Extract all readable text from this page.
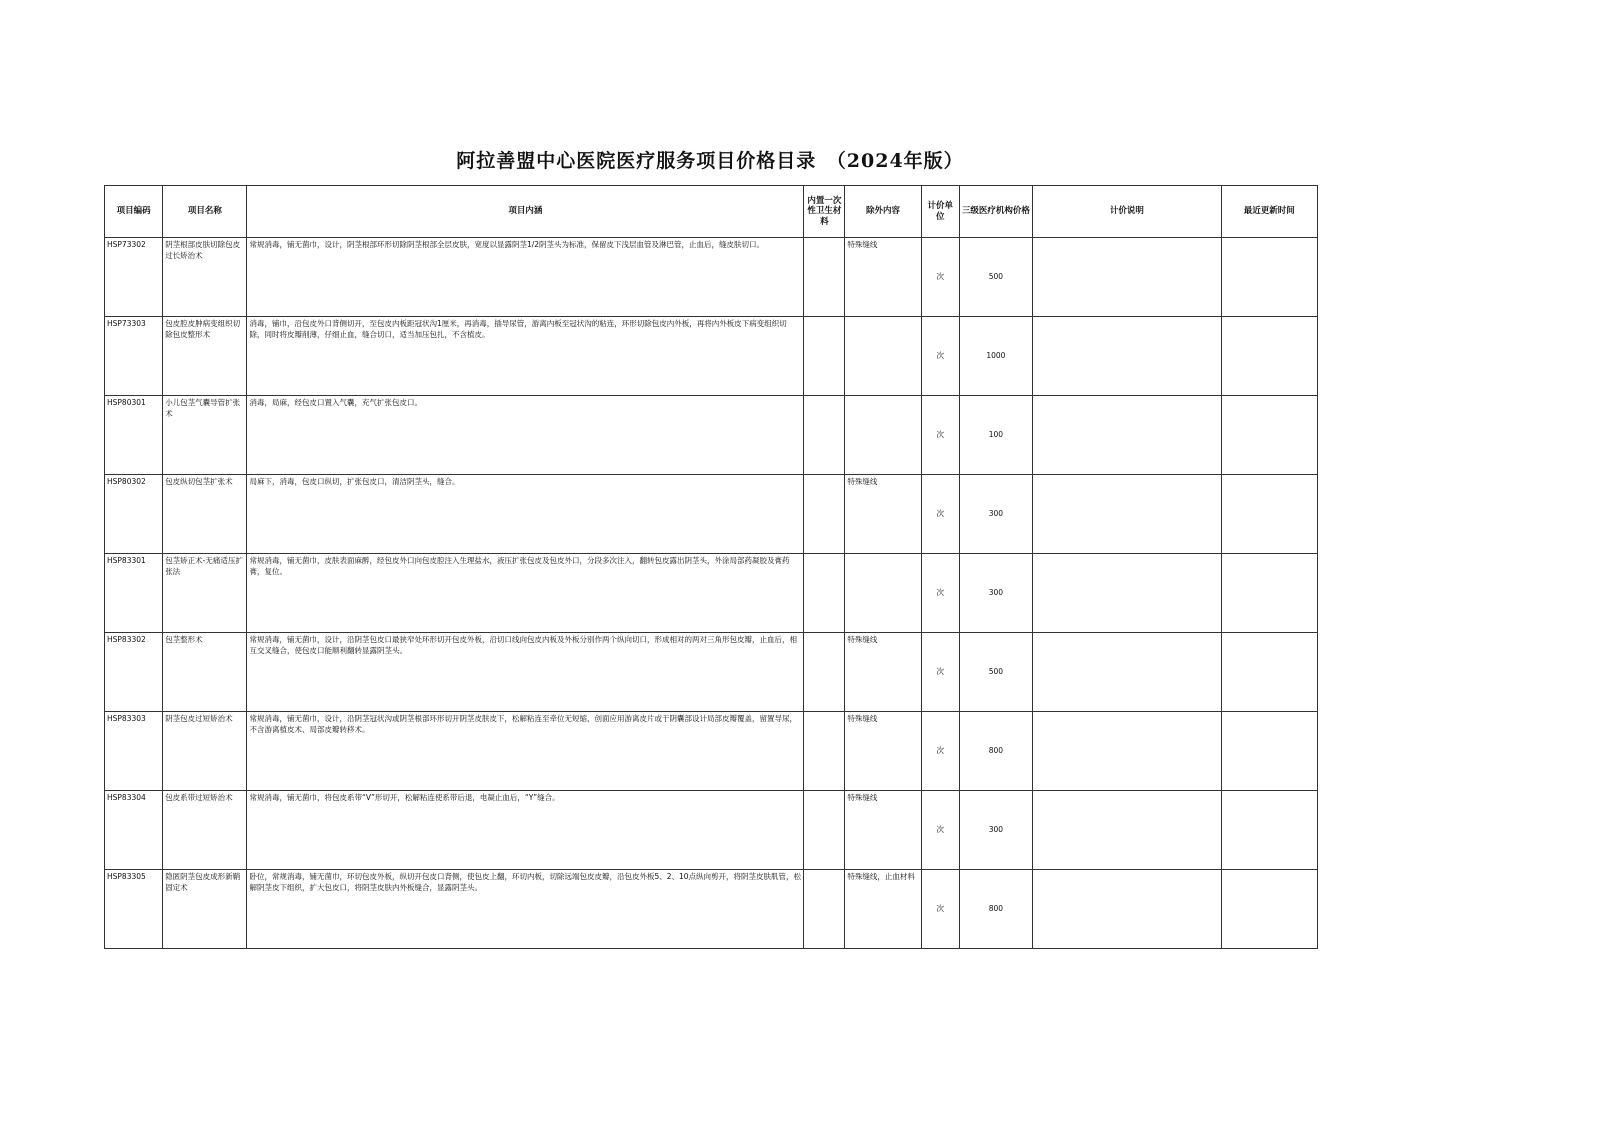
阿拉善盟中心医院医疗服务项目价格目录　（2024年版）
项目编码	项目名称	项目内涵	内置一次性卫生材料	除外内容	计价单位	三级医疗机构价格	计价说明	最近更新时间
HSP73302	阴茎根部皮肤切除包皮过长矫治术	常规消毒，铺无菌巾，设计，阴茎根部环形切除阴茎根部全层皮肤，宽度以显露阴茎1/2阴茎头为标准，保留皮下浅层血管及淋巴管，止血后，缝皮肤切口。		特殊缝线	次	500		
HSP73303	包皮腔皮肿病变组织切除包皮整形术	消毒，铺巾，沿包皮外口背侧切开，至包皮内板距冠状沟1厘米，再消毒，插导尿管，游离内板至冠状沟的粘连，环形切除包皮内外板，再将内外板皮下病变组织切除，同时将皮瓣削薄，仔细止血，缝合切口，适当加压包扎，不含植皮。			次	1000		
HSP80301	小儿包茎气囊导管扩张术	消毒，局麻，经包皮口置入气囊，充气扩张包皮口。			次	100		
HSP80302	包皮纵切包茎扩张术	局麻下，消毒，包皮口纵切，扩张包皮口，清洁阴茎头，缝合。		特殊缝线	次	300		
HSP83301	包茎矫正术-无痛适压扩张法	常规消毒，铺无菌巾，皮肤表面麻醉，经包皮外口向包皮腔注入生理盐水，液压扩张包皮及包皮外口，分段多次注入，翻转包皮露出阴茎头，外涂局部药凝胶及膏药膏，复位。			次	300		
HSP83302	包茎整形术	常规消毒，铺无菌巾，设计，沿阴茎包皮口最狭窄处环形切开包皮外板，沿切口线向包皮内板及外板分别作两个纵向切口，形成相对的两对三角形包皮瓣，止血后，相互交叉缝合，使包皮口能顺利翻转显露阴茎头。		特殊缝线	次	500		
HSP83303	阴茎包皮过短矫治术	常规消毒，铺无菌巾，设计，沿阴茎冠状沟或阴茎根部环形切开阴茎皮肤皮下，松解粘连至牵位无短缩，创面应用游离皮片或于阴囊部设计局部皮瓣覆盖，留置导尿，不含游离植皮术、局部皮瓣转移术。		特殊缝线	次	800		
HSP83304	包皮系带过短矫治术	常规消毒，铺无菌巾，将包皮系带“V”形切开，松解粘连使系带后退，电凝止血后，“Y”缝合。		特殊缝线	次	300		
HSP83305	隐匿阴茎包皮成形新鞘固定术	卧位，常规消毒，铺无菌巾，环切包皮外板，纵切开包皮口背侧，使包皮上翻，环切内板，切除远端包皮皮瓣，沿包皮外板5、2、10点纵向剪开，将阴茎皮肤肌管，松解阴茎皮下组织，扩大包皮口，将阴茎皮肤内外板缝合，显露阴茎头。		特殊缝线，止血材料	次	800		
